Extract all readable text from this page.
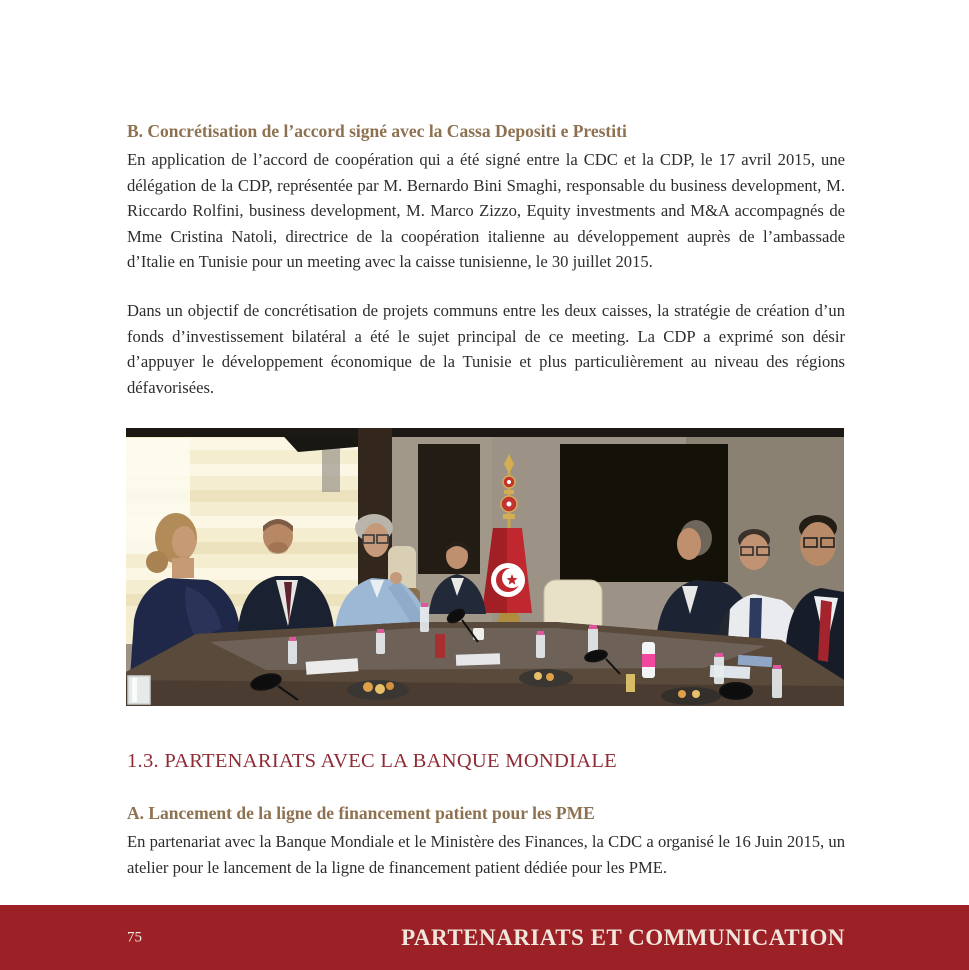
B. Concrétisation de l’accord signé avec la Cassa Depositi e Prestiti
En application de l’accord de coopération qui a été signé entre la CDC et la CDP, le 17 avril 2015, une délégation de la CDP, représentée par M. Bernardo Bini Smaghi, responsable du business development, M. Riccardo Rolfini, business development, M. Marco Zizzo, Equity investments and M&A accompagnés de Mme Cristina Natoli, directrice de la coopération italienne au développement auprès de l’ambassade d’Italie en Tunisie pour un meeting avec la caisse tunisienne, le 30 juillet 2015.
Dans un objectif de concrétisation de projets communs entre les deux caisses, la stratégie de création d’un fonds d’investissement bilatéral a été le sujet principal de ce meeting. La CDP a exprimé son désir d’appuyer le développement économique de la Tunisie et plus particulièrement au niveau des régions défavorisées.
1.3. PARTENARIATS AVEC LA BANQUE MONDIALE
A. Lancement de la ligne de financement patient pour les PME
En partenariat avec la Banque Mondiale et le Ministère des Finances, la CDC a organisé le 16 Juin 2015, un atelier pour le lancement de la ligne de financement patient dédiée pour les PME.
75	PARTENARIATS ET COMMUNICATION
